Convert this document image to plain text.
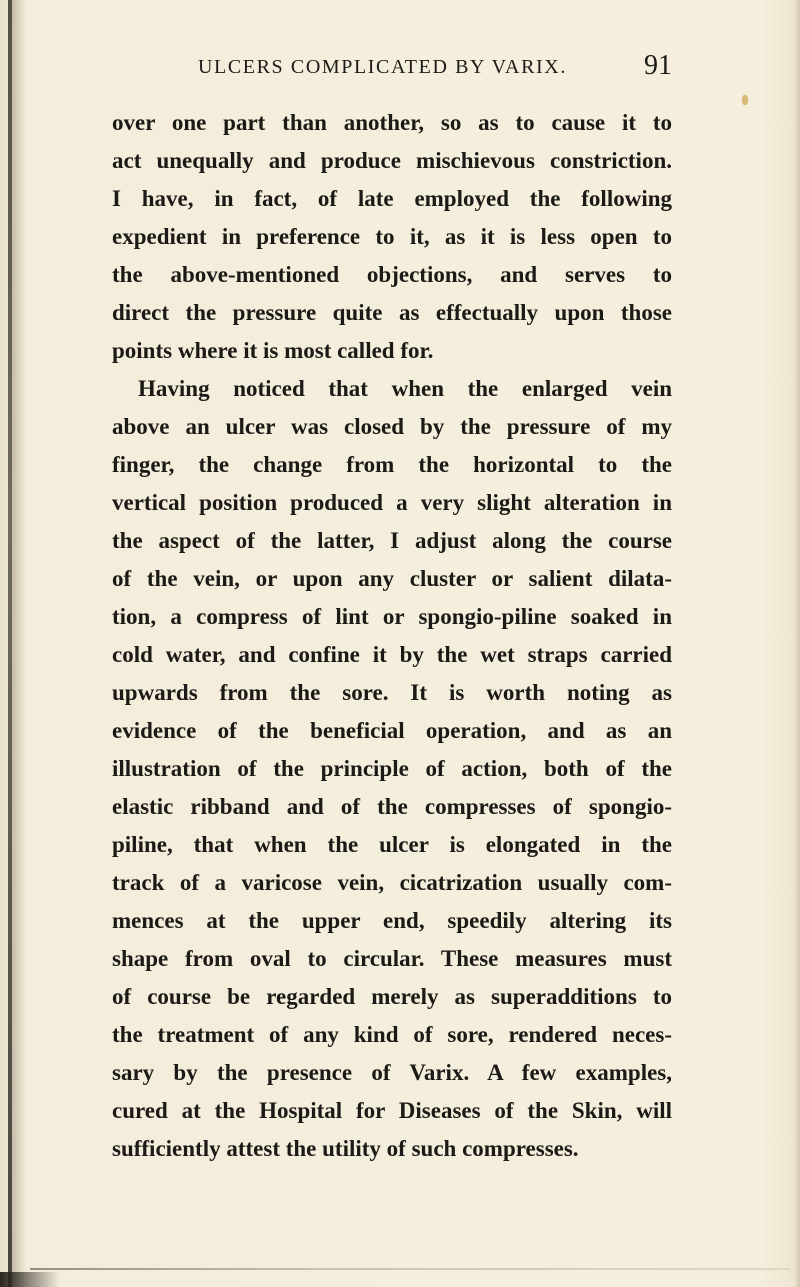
ULCERS COMPLICATED BY VARIX.	91
over one part than another, so as to cause it to
act unequally and produce mischievous constriction.
I have, in fact, of late employed the following
expedient in preference to it, as it is less open to
the above-mentioned objections, and serves to
direct the pressure quite as effectually upon those
points where it is most called for.
Having noticed that when the enlarged vein
above an ulcer was closed by the pressure of my
finger, the change from the horizontal to the
vertical position produced a very slight alteration in
the aspect of the latter, I adjust along the course
of the vein, or upon any cluster or salient dilata-
tion, a compress of lint or spongio-piline soaked in
cold water, and confine it by the wet straps carried
upwards from the sore. It is worth noting as
evidence of the beneficial operation, and as an
illustration of the principle of action, both of the
elastic ribband and of the compresses of spongio-
piline, that when the ulcer is elongated in the
track of a varicose vein, cicatrization usually com-
mences at the upper end, speedily altering its
shape from oval to circular. These measures must
of course be regarded merely as superadditions to
the treatment of any kind of sore, rendered neces-
sary by the presence of Varix. A few examples,
cured at the Hospital for Diseases of the Skin, will
sufficiently attest the utility of such compresses.
